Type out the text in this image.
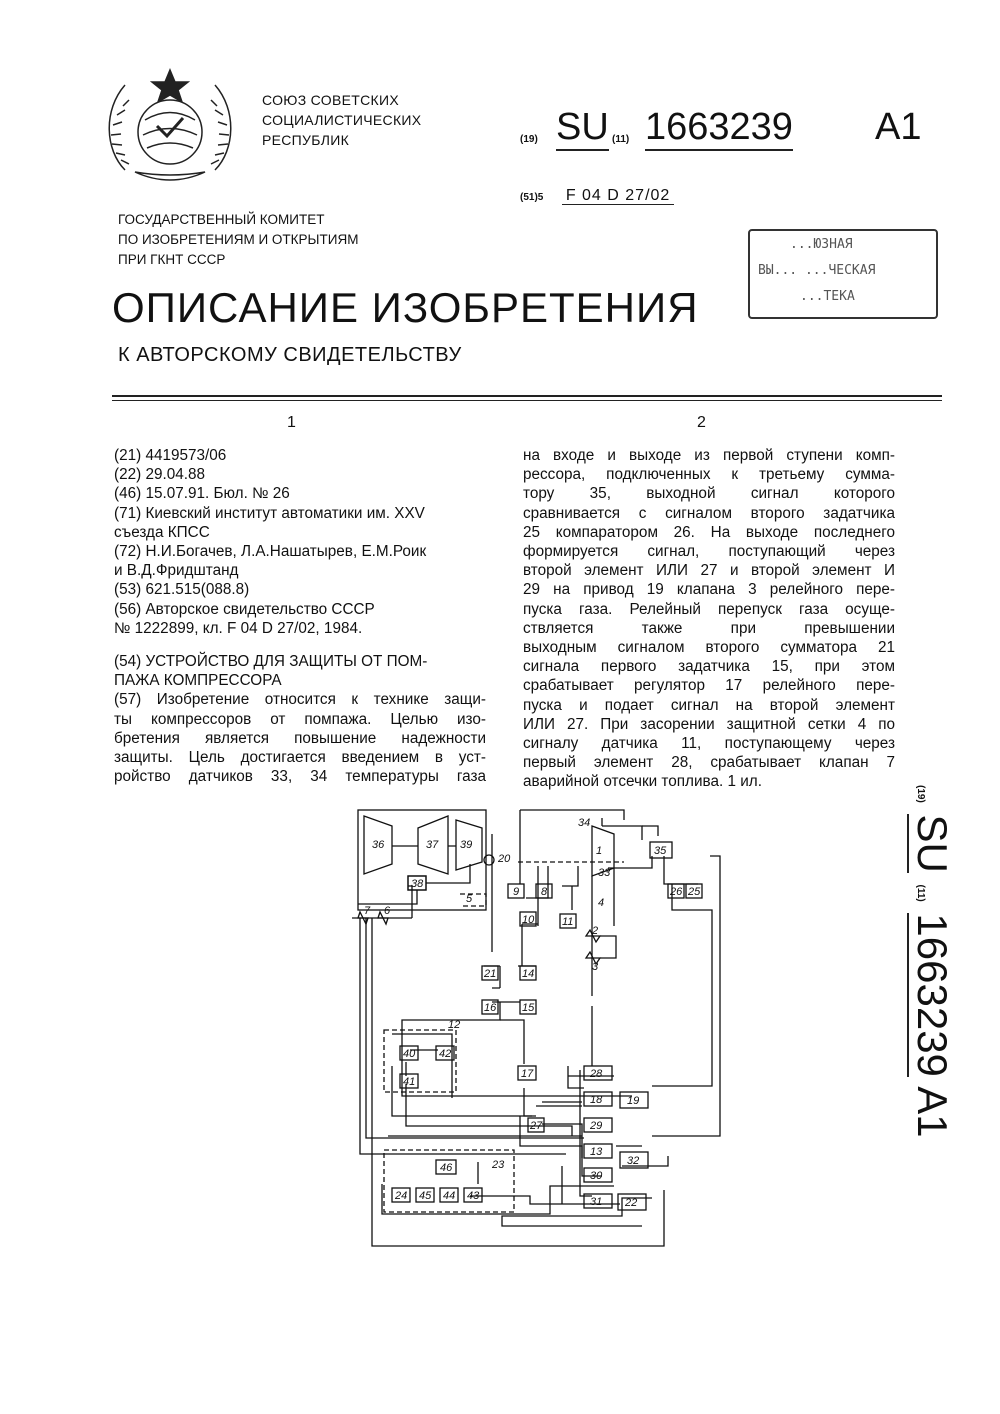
СОЮЗ СОВЕТСКИХ
СОЦИАЛИСТИЧЕСКИХ
РЕСПУБЛИК	(19) SU (11) 1663239 A1
(51)5 F 04 D 27/02
ГОСУДАРСТВЕННЫЙ КОМИТЕТ
ПО ИЗОБРЕТЕНИЯМ И ОТКРЫТИЯМ
ПРИ ГКНТ СССР
...ЮЗНАЯ
ВЫ... ...ЧЕСКАЯ
...ТЕКА
ОПИСАНИЕ ИЗОБРЕТЕНИЯ
К АВТОРСКОМУ СВИДЕТЕЛЬСТВУ
1	2
(21) 4419573/06
(22) 29.04.88
(46) 15.07.91. Бюл. № 26
(71) Киевский институт автоматики им. XXV
съезда КПСС
(72) Н.И.Богачев, Л.А.Нашатырев, Е.М.Роик
и В.Д.Фридштанд
(53) 621.515(088.8)
(56) Авторское свидетельство СССР
№ 1222899, кл. F 04 D 27/02, 1984.
(54) УСТРОЙСТВО ДЛЯ ЗАЩИТЫ ОТ ПОМ-
ПАЖА КОМПРЕССОРА
(57) Изобретение относится к технике защи-
ты компрессоров от помпажа. Целью изо-
бретения является повышение надежности
защиты. Цель достигается введением в уст-
ройство датчиков 33, 34 температуры газа
на входе и выходе из первой ступени комп-
рессора, подключенных к третьему сумма-
тору 35, выходной сигнал которого
сравнивается с сигналом второго задатчика
25 компаратором 26. На выходе последнего
формируется сигнал, поступающий через
второй элемент ИЛИ 27 и второй элемент И
29 на привод 19 клапана 3 релейного пере-
пуска газа. Релейный перепуск газа осуще-
ствляется также при превышении
выходным сигналом второго сумматора 21
сигнала первого задатчика 15, при этом
срабатывает регулятор 17 релейного пере-
пуска и подает сигнал на второй элемент
ИЛИ 27. При засорении защитной сетки 4 по
сигналу датчика 11, поступающему через
первый элемент 28, срабатывает клапан 7
аварийной отсечки топлива. 1 ил.
(19) SU (11) 1663239 A1
36	37 39
38
9 8
10	11
35
26 25
14
21
16 15
40 42
41
17	28
18 19
27	29
13
32
30
31 22
46
24 45 44 43
34
1
33
4
2
3
5
6
7
12
20
23
